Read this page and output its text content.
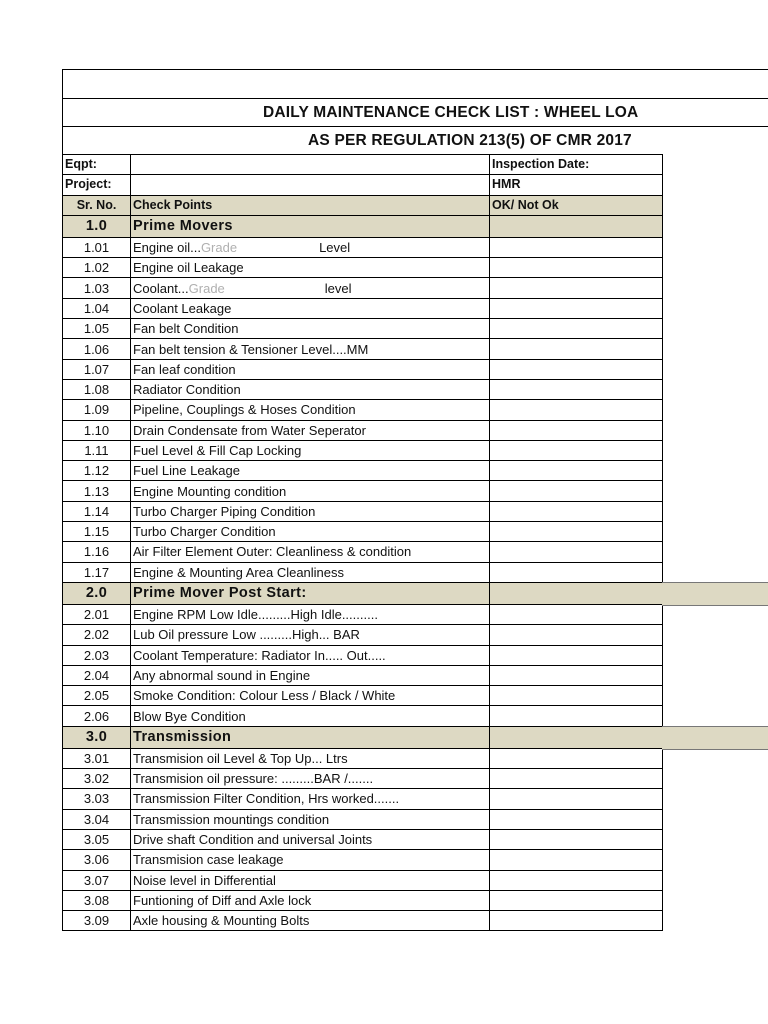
DAILY MAINTENANCE CHECK LIST : WHEEL LOA
AS PER REGULATION 213(5) OF CMR 2017
Eqpt:		Inspection Date:
Project:		HMR
Sr. No.	Check Points	OK/ Not Ok
1.0	Prime Movers	
1.01	Engine oil...Grade Level	
1.02	Engine oil Leakage	
1.03	Coolant...Grade level	
1.04	Coolant Leakage	
1.05	Fan belt Condition	
1.06	Fan belt tension & Tensioner Level....MM	
1.07	Fan leaf condition	
1.08	Radiator Condition	
1.09	Pipeline, Couplings & Hoses Condition	
1.10	Drain Condensate from Water Seperator	
1.11	Fuel Level & Fill Cap Locking	
1.12	Fuel Line Leakage	
1.13	Engine Mounting condition	
1.14	Turbo Charger Piping Condition	
1.15	Turbo Charger Condition	
1.16	Air Filter Element Outer: Cleanliness & condition	
1.17	Engine & Mounting Area Cleanliness	
2.0	Prime Mover Post Start:	
2.01	Engine RPM Low Idle.........High Idle..........	
2.02	Lub Oil pressure Low .........High... BAR	
2.03	Coolant Temperature: Radiator In..... Out.....	
2.04	Any abnormal sound in Engine	
2.05	Smoke Condition: Colour Less / Black / White	
2.06	Blow Bye Condition	
3.0	Transmission	
3.01	Transmision oil Level & Top Up... Ltrs	
3.02	Transmision oil pressure: .........BAR /.......	
3.03	Transmission Filter Condition, Hrs worked.......	
3.04	Transmission mountings condition	
3.05	Drive shaft Condition and universal Joints	
3.06	Transmision case leakage	
3.07	Noise level in Differential	
3.08	Funtioning of Diff and Axle lock	
3.09	Axle housing & Mounting Bolts	
